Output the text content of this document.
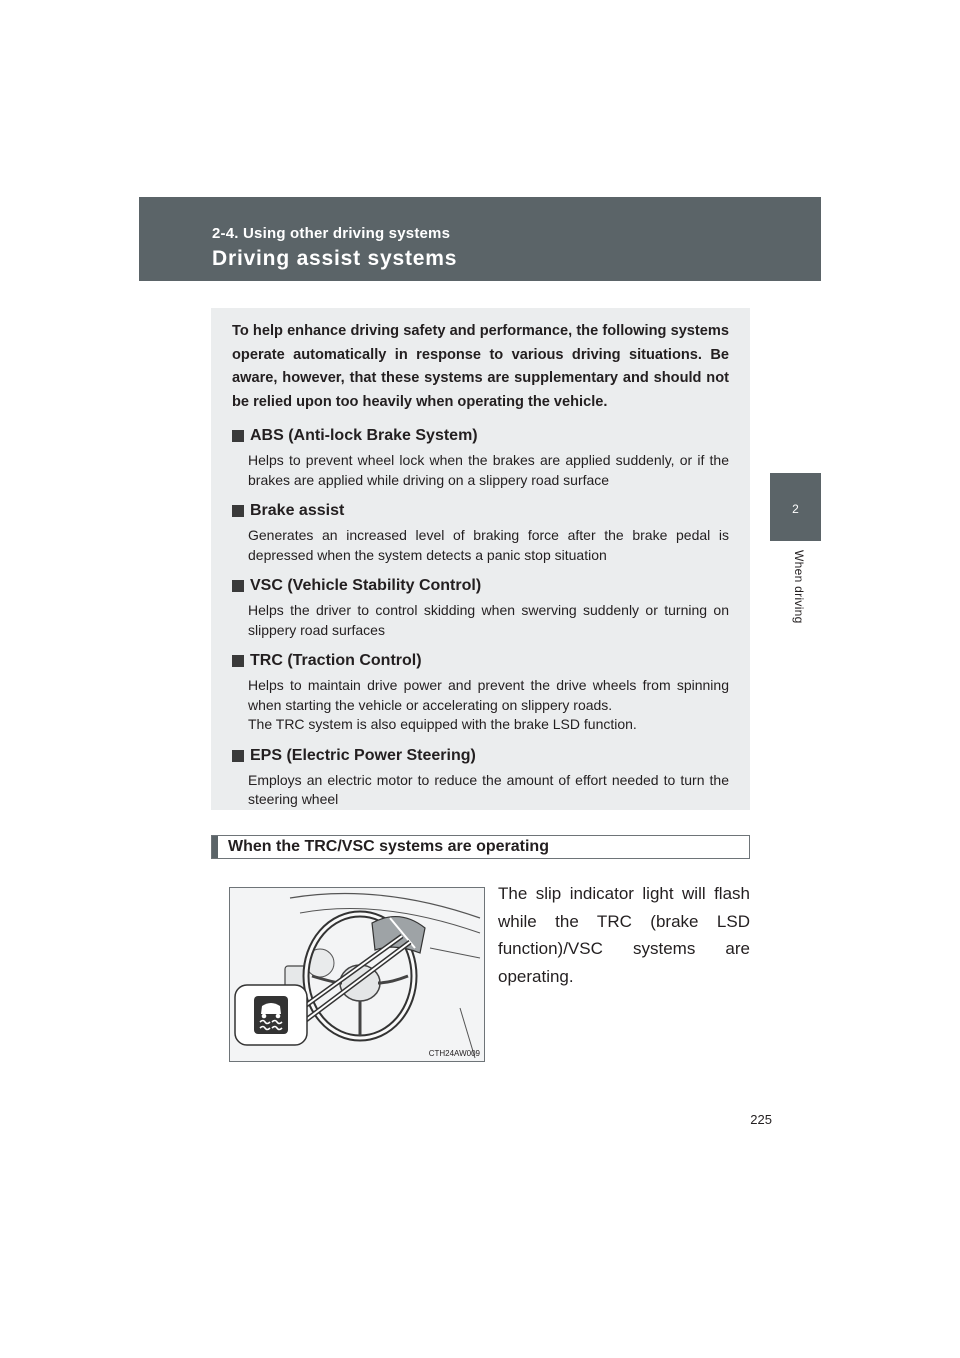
2-4. Using other driving systems
Driving assist systems
2
When driving

To help enhance driving safety and performance, the following systems operate automatically in response to various driving situations. Be aware, however, that these systems are supplementary and should not be relied upon too heavily when operating the vehicle.

ABS (Anti-lock Brake System)

Helps to prevent wheel lock when the brakes are applied suddenly, or if the brakes are applied while driving on a slippery road surface

Brake assist

Generates an increased level of braking force after the brake pedal is depressed when the system detects a panic stop situation

VSC (Vehicle Stability Control)

Helps the driver to control skidding when swerving suddenly or turning on slippery road surfaces

TRC (Traction Control)

Helps to maintain drive power and prevent the drive wheels from spinning when starting the vehicle or accelerating on slippery roads.

The TRC system is also equipped with the brake LSD function.

EPS (Electric Power Steering)

Employs an electric motor to reduce the amount of effort needed to turn the steering wheel

When the TRC/VSC systems are operating
CTH24AW009
The slip indicator light will flash while the TRC (brake LSD function)/VSC systems are operating.
225
